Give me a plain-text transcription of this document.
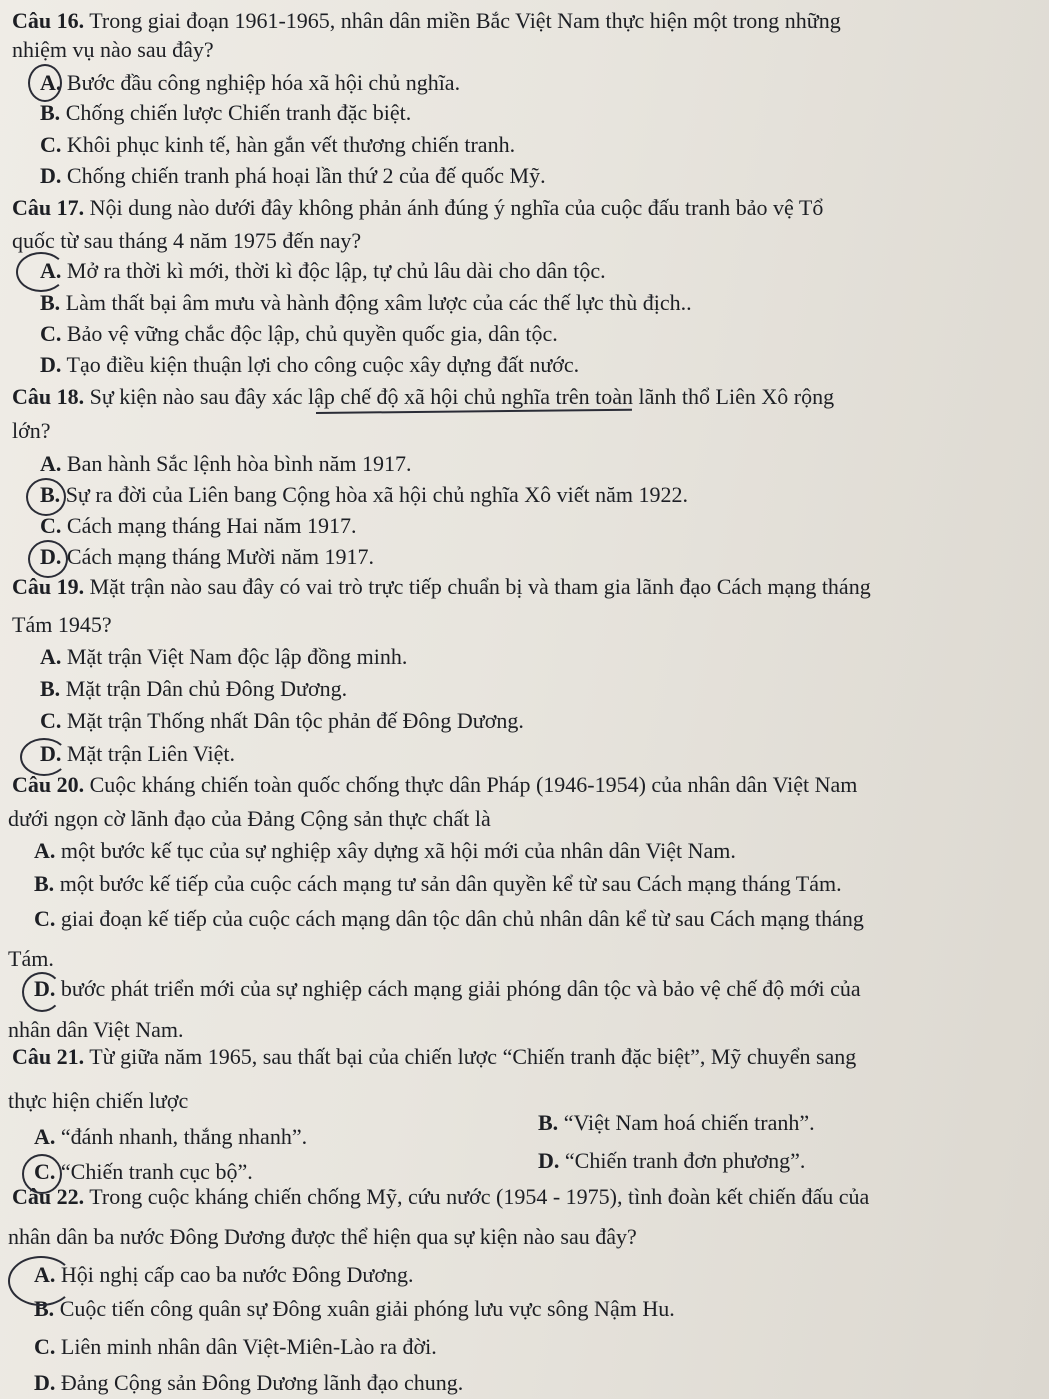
Câu 16. Trong giai đoạn 1961-1965, nhân dân miền Bắc Việt Nam thực hiện một trong những
nhiệm vụ nào sau đây?
A. Bước đầu công nghiệp hóa xã hội chủ nghĩa.
B. Chống chiến lược Chiến tranh đặc biệt.
C. Khôi phục kinh tế, hàn gắn vết thương chiến tranh.
D. Chống chiến tranh phá hoại lần thứ 2 của đế quốc Mỹ.
Câu 17. Nội dung nào dưới đây không phản ánh đúng ý nghĩa của cuộc đấu tranh bảo vệ Tổ
quốc từ sau tháng 4 năm 1975 đến nay?
A. Mở ra thời kì mới, thời kì độc lập, tự chủ lâu dài cho dân tộc.
B. Làm thất bại âm mưu và hành động xâm lược của các thế lực thù địch..
C. Bảo vệ vững chắc độc lập, chủ quyền quốc gia, dân tộc.
D. Tạo điều kiện thuận lợi cho công cuộc xây dựng đất nước.
Câu 18. Sự kiện nào sau đây xác lập chế độ xã hội chủ nghĩa trên toàn lãnh thổ Liên Xô rộng
lớn?
A. Ban hành Sắc lệnh hòa bình năm 1917.
B. Sự ra đời của Liên bang Cộng hòa xã hội chủ nghĩa Xô viết năm 1922.
C. Cách mạng tháng Hai năm 1917.
D. Cách mạng tháng Mười năm 1917.
Câu 19. Mặt trận nào sau đây có vai trò trực tiếp chuẩn bị và tham gia lãnh đạo Cách mạng tháng
Tám 1945?
A. Mặt trận Việt Nam độc lập đồng minh.
B. Mặt trận Dân chủ Đông Dương.
C. Mặt trận Thống nhất Dân tộc phản đế Đông Dương.
D. Mặt trận Liên Việt.
Câu 20. Cuộc kháng chiến toàn quốc chống thực dân Pháp (1946-1954) của nhân dân Việt Nam
dưới ngọn cờ lãnh đạo của Đảng Cộng sản thực chất là
A. một bước kế tục của sự nghiệp xây dựng xã hội mới của nhân dân Việt Nam.
B. một bước kế tiếp của cuộc cách mạng tư sản dân quyền kể từ sau Cách mạng tháng Tám.
C. giai đoạn kế tiếp của cuộc cách mạng dân tộc dân chủ nhân dân kể từ sau Cách mạng tháng
Tám.
D. bước phát triển mới của sự nghiệp cách mạng giải phóng dân tộc và bảo vệ chế độ mới của
nhân dân Việt Nam.
Câu 21. Từ giữa năm 1965, sau thất bại của chiến lược “Chiến tranh đặc biệt”, Mỹ chuyển sang
thực hiện chiến lược
A. “đánh nhanh, thắng nhanh”.
B. “Việt Nam hoá chiến tranh”.
C. “Chiến tranh cục bộ”.	D. “Chiến tranh đơn phương”.
Câu 22. Trong cuộc kháng chiến chống Mỹ, cứu nước (1954 - 1975), tình đoàn kết chiến đấu của
nhân dân ba nước Đông Dương được thể hiện qua sự kiện nào sau đây?
A. Hội nghị cấp cao ba nước Đông Dương.
B. Cuộc tiến công quân sự Đông xuân giải phóng lưu vực sông Nậm Hu.
C. Liên minh nhân dân Việt-Miên-Lào ra đời.
D. Đảng Cộng sản Đông Dương lãnh đạo chung.
